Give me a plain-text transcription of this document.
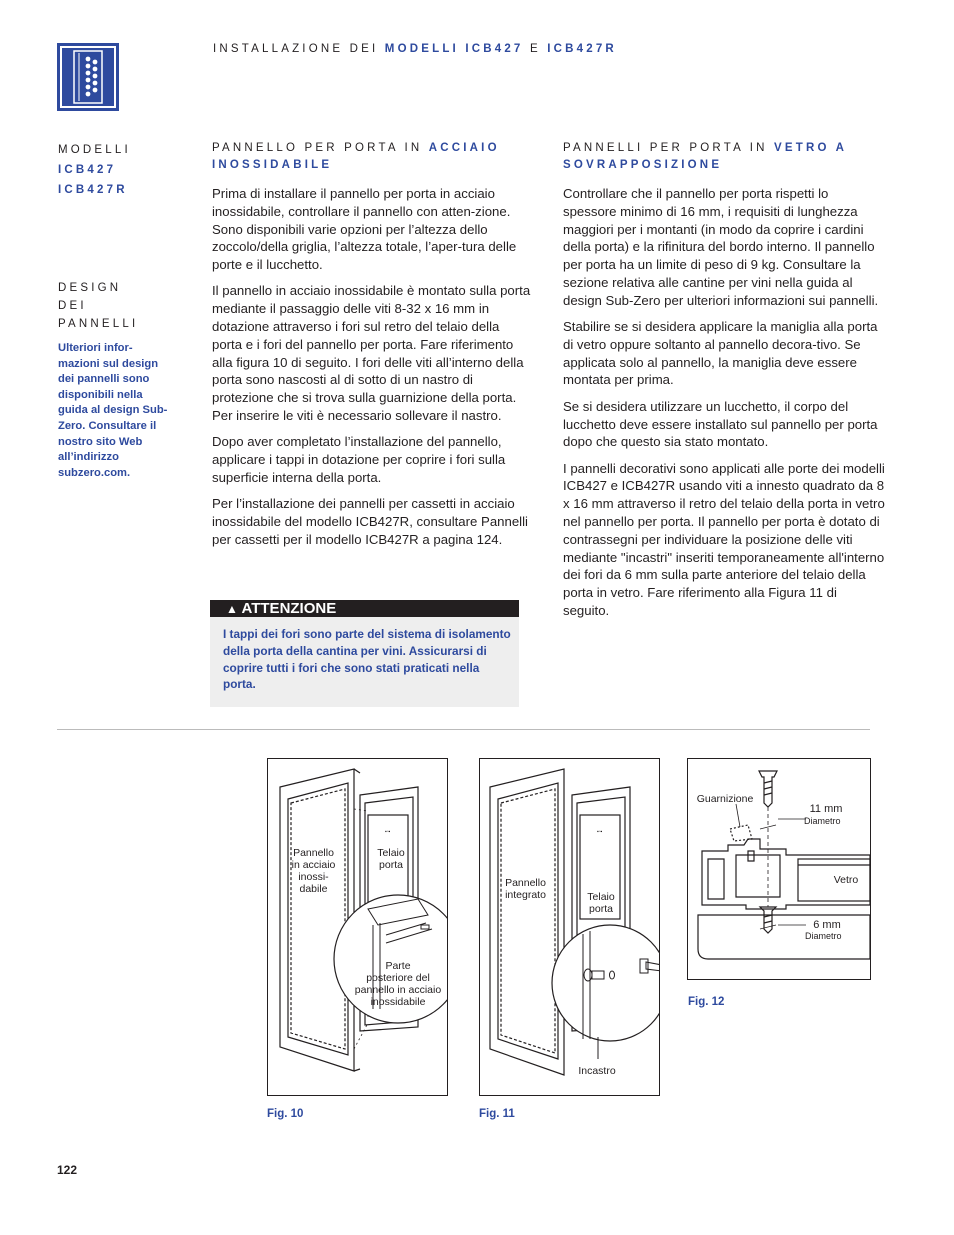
INSTALLAZIONE DEI MODELLI ICB427 E ICB427R
MODELLI
ICB427
ICB427R
DESIGN
DEI
PANNELLI
Ulteriori infor-
mazioni sul design
dei pannelli sono
disponibili nella
guida al design Sub-
Zero. Consultare il
nostro sito Web
all’indirizzo
subzero.com.
PANNELLO PER PORTA IN ACCIAIO
INOSSIDABILE

Prima di installare il pannello per porta in acciaio inossidabile, controllare il pannello con atten-zione. Sono disponibili varie opzioni per l’altezza dello zoccolo/della griglia, l’altezza totale, l’aper-tura delle porte e il lucchetto.

Il pannello in acciaio inossidabile è montato sulla porta mediante il passaggio delle viti 8-32 x 16 mm in dotazione attraverso i fori sul retro del telaio della porta e i fori del pannello per porta. Fare riferimento alla figura 10 di seguito. I fori delle viti all’interno della porta sono nascosti al di sotto di un nastro di protezione che si trova sulla guarnizione della porta. Per inserire le viti è necessario sollevare il nastro.

Dopo aver completato l’installazione del pannello, applicare i tappi in dotazione per coprire i fori sulla superficie interna della porta.

Per l’installazione dei pannelli per cassetti in acciaio inossidabile del modello ICB427R, consultare Pannelli per cassetti per il modello ICB427R a pagina 124.

▲ ATTENZIONE
I tappi dei fori sono parte del sistema di isolamento della porta della cantina per vini. Assicurarsi di coprire tutti i fori che sono stati praticati nella porta.
PANNELLI PER PORTA IN VETRO A
SOVRAPPOSIZIONE

Controllare che il pannello per porta rispetti lo spessore minimo di 16 mm, i requisiti di lunghezza maggiori per i montanti (in modo da coprire i cardini della porta) e la rifinitura del bordo interno. Il pannello per porta ha un limite di peso di 9 kg. Consultare la sezione relativa alle cantine per vini nella guida al design Sub-Zero per ulteriori informazioni sui pannelli.

Stabilire se si desidera applicare la maniglia alla porta di vetro oppure soltanto al pannello decora-tivo. Se applicata solo al pannello, la maniglia deve essere montata per prima.

Se si desidera utilizzare un lucchetto, il corpo del lucchetto deve essere installato sul pannello per porta dopo che questo sia stato montato.

I pannelli decorativi sono applicati alle porte dei modelli ICB427 e ICB427R usando viti a innesto quadrato da 8 x 16 mm attraverso il retro del telaio della porta in vetro nel pannello per porta. Il pannello per porta è dotato di contrassegni per individuare la posizione delle viti mediante "incastri" inseriti temporaneamente all'interno dei fori da 6 mm sulla parte anteriore del telaio della porta in vetro. Fare riferimento alla Figura 11 di seguito.

▪▫▪
Pannello
in acciaio
inossi-
dabile
Telaio
porta
Parte
posteriore del
pannello in acciaio
inossidabile
Fig. 10
▪▫▪
Pannello
integrato	Telaio
porta
Incastro
Fig. 11
Guarnizione
11 mm
Diametro
Vetro
6 mm
Diametro
Fig. 12
122
